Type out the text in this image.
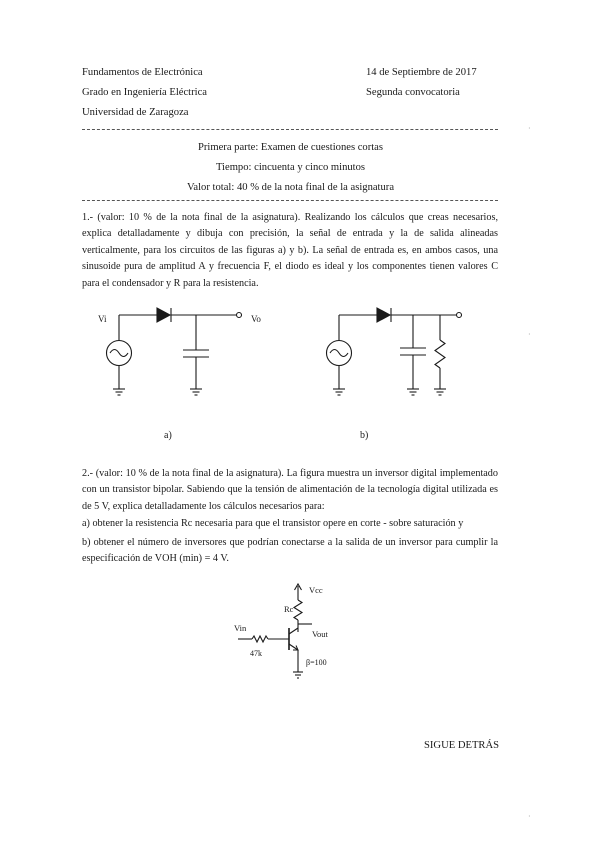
Fundamentos de Electrónica	14 de Septiembre de 2017
Grado en Ingeniería Eléctrica	Segunda convocatoria
Universidad de Zaragoza
Primera parte: Examen de cuestiones cortas
Tiempo: cincuenta y cinco minutos
Valor total: 40 % de la nota final de la asignatura
1.- (valor: 10 % de la nota final de la asignatura). Realizando los cálculos que creas necesarios, explica detalladamente y dibuja con precisión, la señal de entrada y la de salida alineadas verticalmente, para los circuitos de las figuras a) y b). La señal de entrada es, en ambos casos, una sinusoide pura de amplitud A y frecuencia F, el diodo es ideal y los componentes tienen valores C para el condensador y R para la resistencia.
Vi	Vo
a)	b)
2.- (valor: 10 % de la nota final de la asignatura). La figura muestra un inversor digital implementado con un transistor bipolar. Sabiendo que la tensión de alimentación de la tecnología digital utilizada es de 5 V, explica detalladamente los cálculos necesarios para:
a) obtener la resistencia Rc necesaria para que el transistor opere en corte - sobre saturación y
b) obtener el número de inversores que podrían conectarse a la salida de un inversor para cumplir la especificación de VOH (min) = 4 V.
Vcc
Rc
Vin
Vout
47k
β=100
SIGUE DETRÁS
·
·
·
